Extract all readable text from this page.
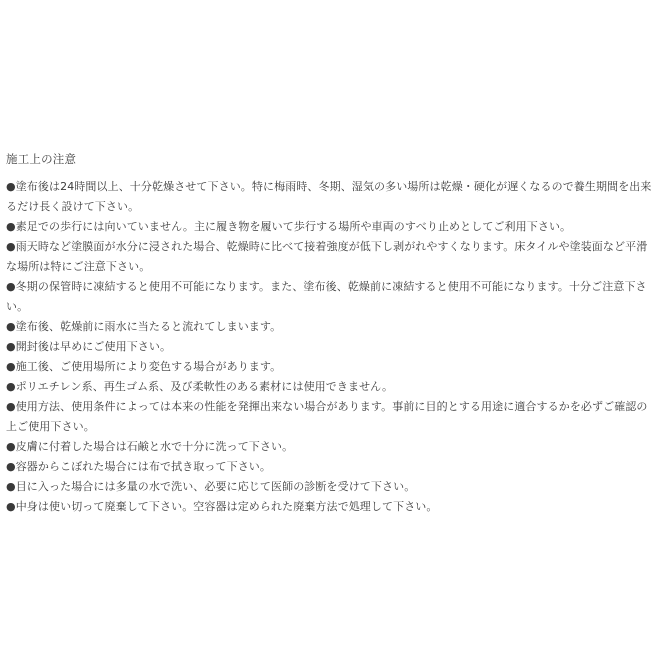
施工上の注意
●塗布後は24時間以上、十分乾燥させて下さい。特に梅雨時、冬期、湿気の多い場所は乾燥・硬化が遅くなるので養生期間を出来るだけ長く設けて下さい。
●素足での歩行には向いていません。主に履き物を履いて歩行する場所や車両のすべり止めとしてご利用下さい。
●雨天時など塗膜面が水分に浸された場合、乾燥時に比べて接着強度が低下し剥がれやすくなります。床タイルや塗装面など平滑な場所は特にご注意下さい。
●冬期の保管時に凍結すると使用不可能になります。また、塗布後、乾燥前に凍結すると使用不可能になります。十分ご注意下さい。
●塗布後、乾燥前に雨水に当たると流れてしまいます。
●開封後は早めにご使用下さい。
●施工後、ご使用場所により変色する場合があります。
●ポリエチレン系、再生ゴム系、及び柔軟性のある素材には使用できません。
●使用方法、使用条件によっては本来の性能を発揮出来ない場合があります。事前に目的とする用途に適合するかを必ずご確認の上ご使用下さい。
●皮膚に付着した場合は石鹸と水で十分に洗って下さい。
●容器からこぼれた場合には布で拭き取って下さい。
●目に入った場合には多量の水で洗い、必要に応じて医師の診断を受けて下さい。
●中身は使い切って廃棄して下さい。空容器は定められた廃棄方法で処理して下さい。
